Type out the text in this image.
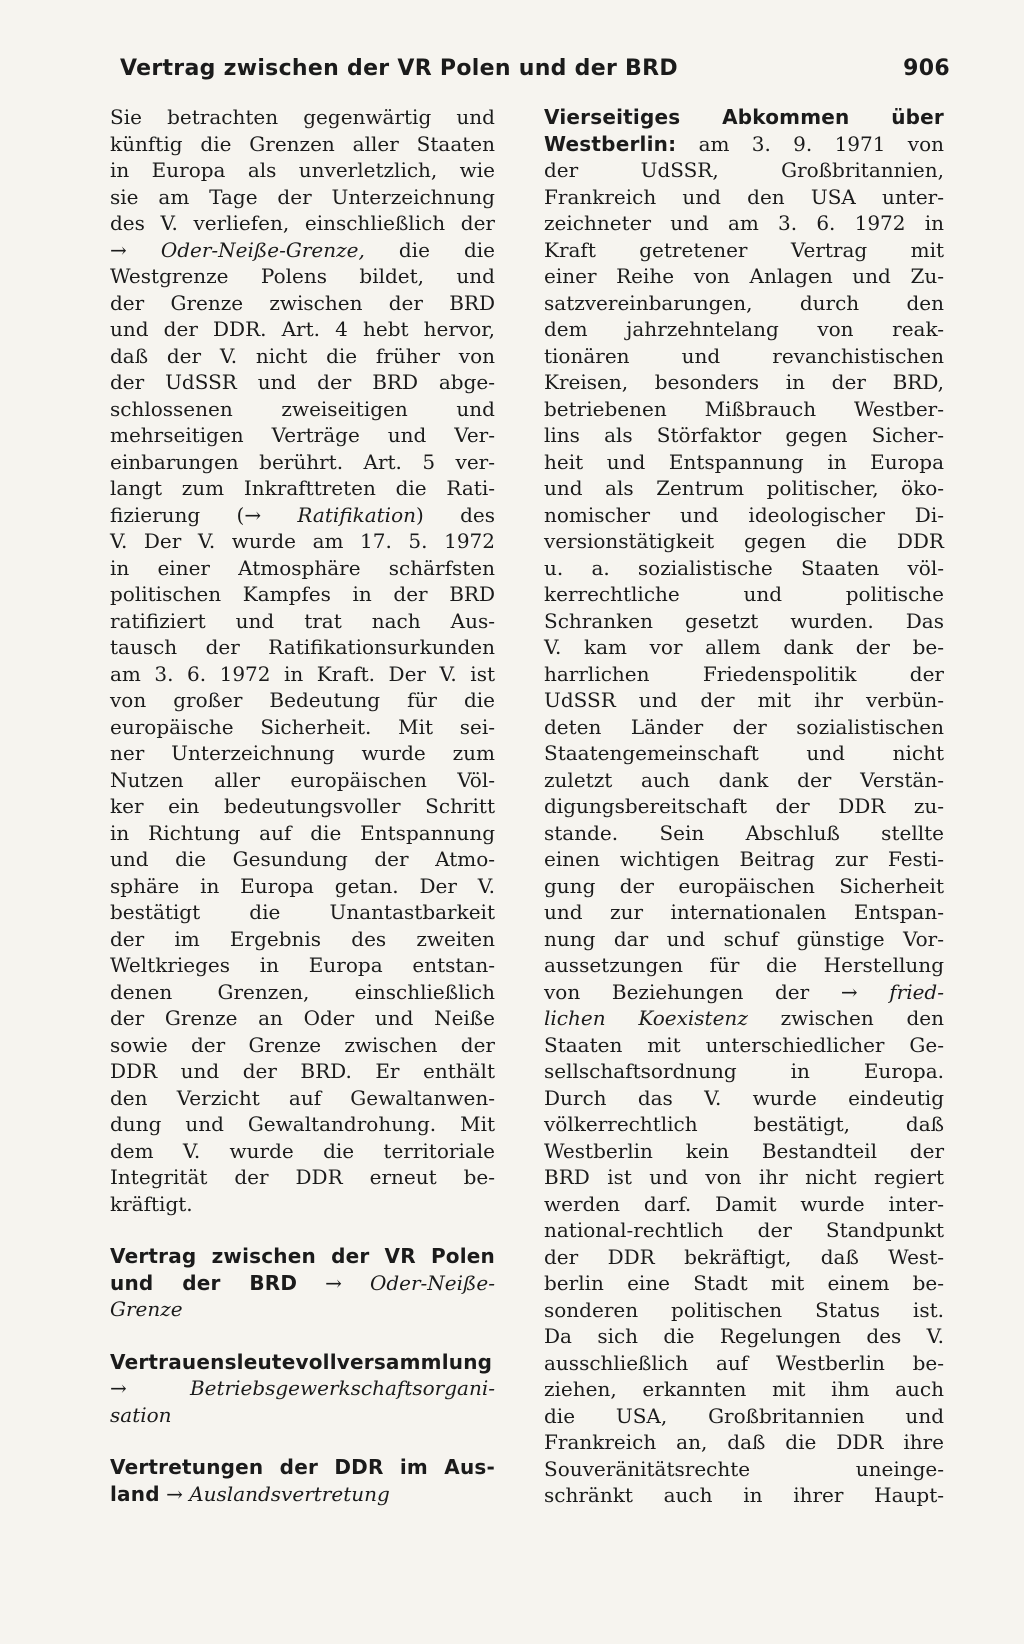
Vertrag zwischen der VR Polen und der BRD	906
Sie betrachten gegenwärtig und
künftig die Grenzen aller Staaten
in Europa als unverletzlich, wie
sie am Tage der Unterzeichnung
des V. verliefen, einschließlich der
→ Oder-Neiße-Grenze, die die
Westgrenze Polens bildet, und
der Grenze zwischen der BRD
und der DDR. Art. 4 hebt hervor,
daß der V. nicht die früher von
der UdSSR und der BRD abge-
schlossenen zweiseitigen und
mehrseitigen Verträge und Ver-
einbarungen berührt. Art. 5 ver-
langt zum Inkrafttreten die Rati-
fizierung (→ Ratifikation) des
V. Der V. wurde am 17. 5. 1972
in einer Atmosphäre schärfsten
politischen Kampfes in der BRD
ratifiziert und trat nach Aus-
tausch der Ratifikationsurkunden
am 3. 6. 1972 in Kraft. Der V. ist
von großer Bedeutung für die
europäische Sicherheit. Mit sei-
ner Unterzeichnung wurde zum
Nutzen aller europäischen Völ-
ker ein bedeutungsvoller Schritt
in Richtung auf die Entspannung
und die Gesundung der Atmo-
sphäre in Europa getan. Der V.
bestätigt die Unantastbarkeit
der im Ergebnis des zweiten
Weltkrieges in Europa entstan-
denen Grenzen, einschließlich
der Grenze an Oder und Neiße
sowie der Grenze zwischen der
DDR und der BRD. Er enthält
den Verzicht auf Gewaltanwen-
dung und Gewaltandrohung. Mit
dem V. wurde die territoriale
Integrität der DDR erneut be-
kräftigt.
Vertrag zwischen der VR Polen
und der BRD → Oder-Neiße-
Grenze
Vertrauensleutevollversammlung
→ Betriebsgewerkschaftsorgani-
sation
Vertretungen der DDR im Aus-
land → Auslandsvertretung
Vierseitiges Abkommen über
Westberlin: am 3. 9. 1971 von
der UdSSR, Großbritannien,
Frankreich und den USA unter-
zeichneter und am 3. 6. 1972 in
Kraft getretener Vertrag mit
einer Reihe von Anlagen und Zu-
satzvereinbarungen, durch den
dem jahrzehntelang von reak-
tionären und revanchistischen
Kreisen, besonders in der BRD,
betriebenen Mißbrauch Westber-
lins als Störfaktor gegen Sicher-
heit und Entspannung in Europa
und als Zentrum politischer, öko-
nomischer und ideologischer Di-
versionstätigkeit gegen die DDR
u. a. sozialistische Staaten völ-
kerrechtliche und politische
Schranken gesetzt wurden. Das
V. kam vor allem dank der be-
harrlichen Friedenspolitik der
UdSSR und der mit ihr verbün-
deten Länder der sozialistischen
Staatengemeinschaft und nicht
zuletzt auch dank der Verstän-
digungsbereitschaft der DDR zu-
stande. Sein Abschluß stellte
einen wichtigen Beitrag zur Festi-
gung der europäischen Sicherheit
und zur internationalen Entspan-
nung dar und schuf günstige Vor-
aussetzungen für die Herstellung
von Beziehungen der → fried-
lichen Koexistenz zwischen den
Staaten mit unterschiedlicher Ge-
sellschaftsordnung in Europa.
Durch das V. wurde eindeutig
völkerrechtlich bestätigt, daß
Westberlin kein Bestandteil der
BRD ist und von ihr nicht regiert
werden darf. Damit wurde inter-
national-rechtlich der Standpunkt
der DDR bekräftigt, daß West-
berlin eine Stadt mit einem be-
sonderen politischen Status ist.
Da sich die Regelungen des V.
ausschließlich auf Westberlin be-
ziehen, erkannten mit ihm auch
die USA, Großbritannien und
Frankreich an, daß die DDR ihre
Souveränitätsrechte uneinge-
schränkt auch in ihrer Haupt-
